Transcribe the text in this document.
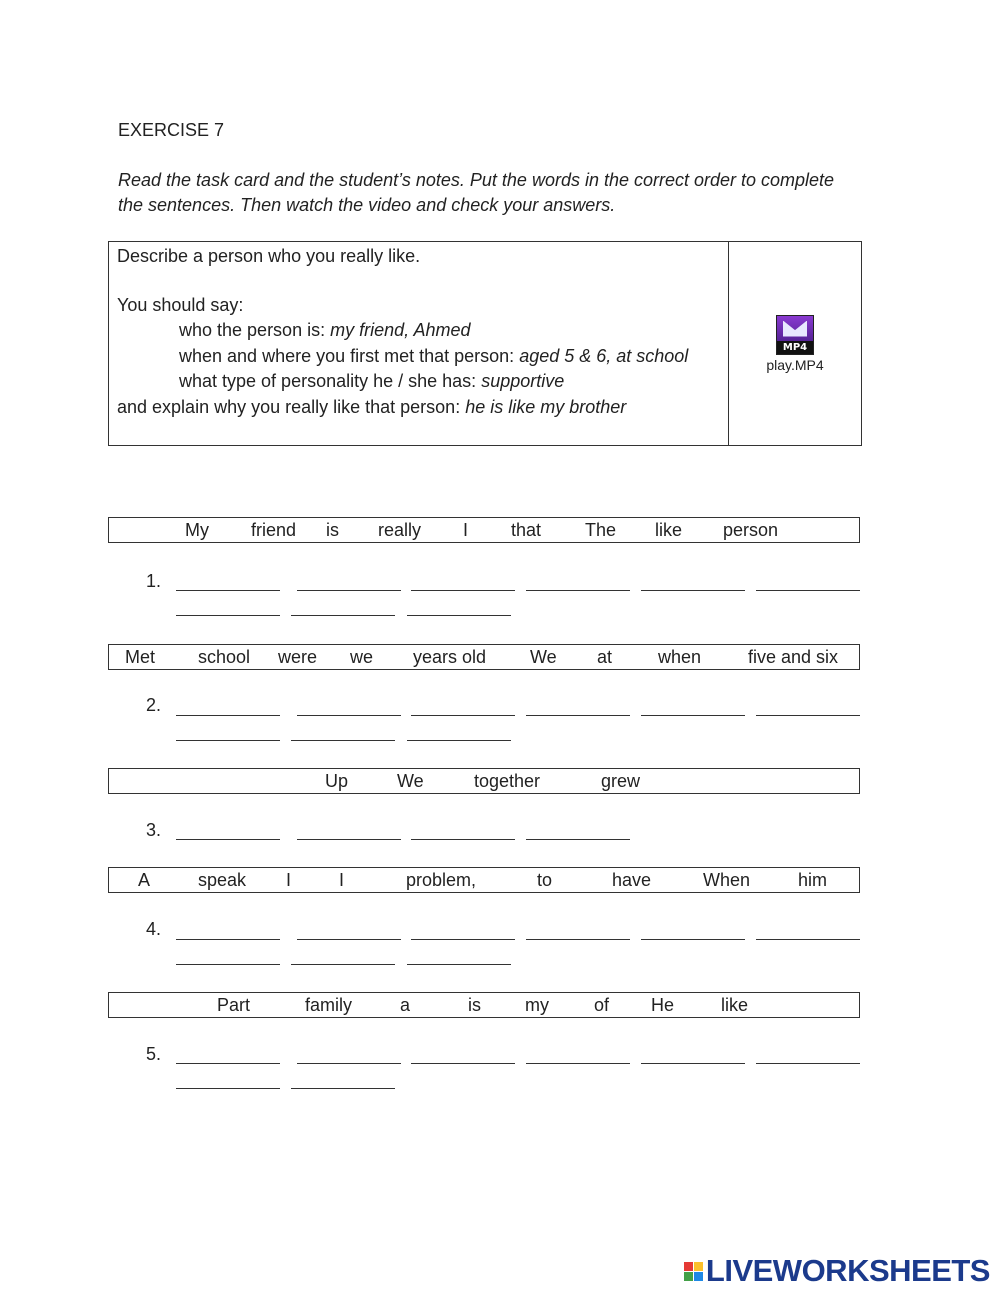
EXERCISE 7
Read the task card and the student’s notes. Put the words in the correct order to complete the sentences. Then watch the video and check your answers.

Describe a person who you really like.

You should say:

who the person is: my friend, Ahmed

when and where you first met that person: aged 5 & 6, at school

what type of personality he / she has: supportive

and explain why you really like that person: he is like my brother

MP4
play.MP4
My friend is really I that The like person
1.
Met school were we years old We at	when	five and six
2.
Up	We	together	grew
3.
A	speak I	I	problem,	to	have	When	him
4.
Part	family	a	is my	of He	like
5.
LIVEWORKSHEETS
